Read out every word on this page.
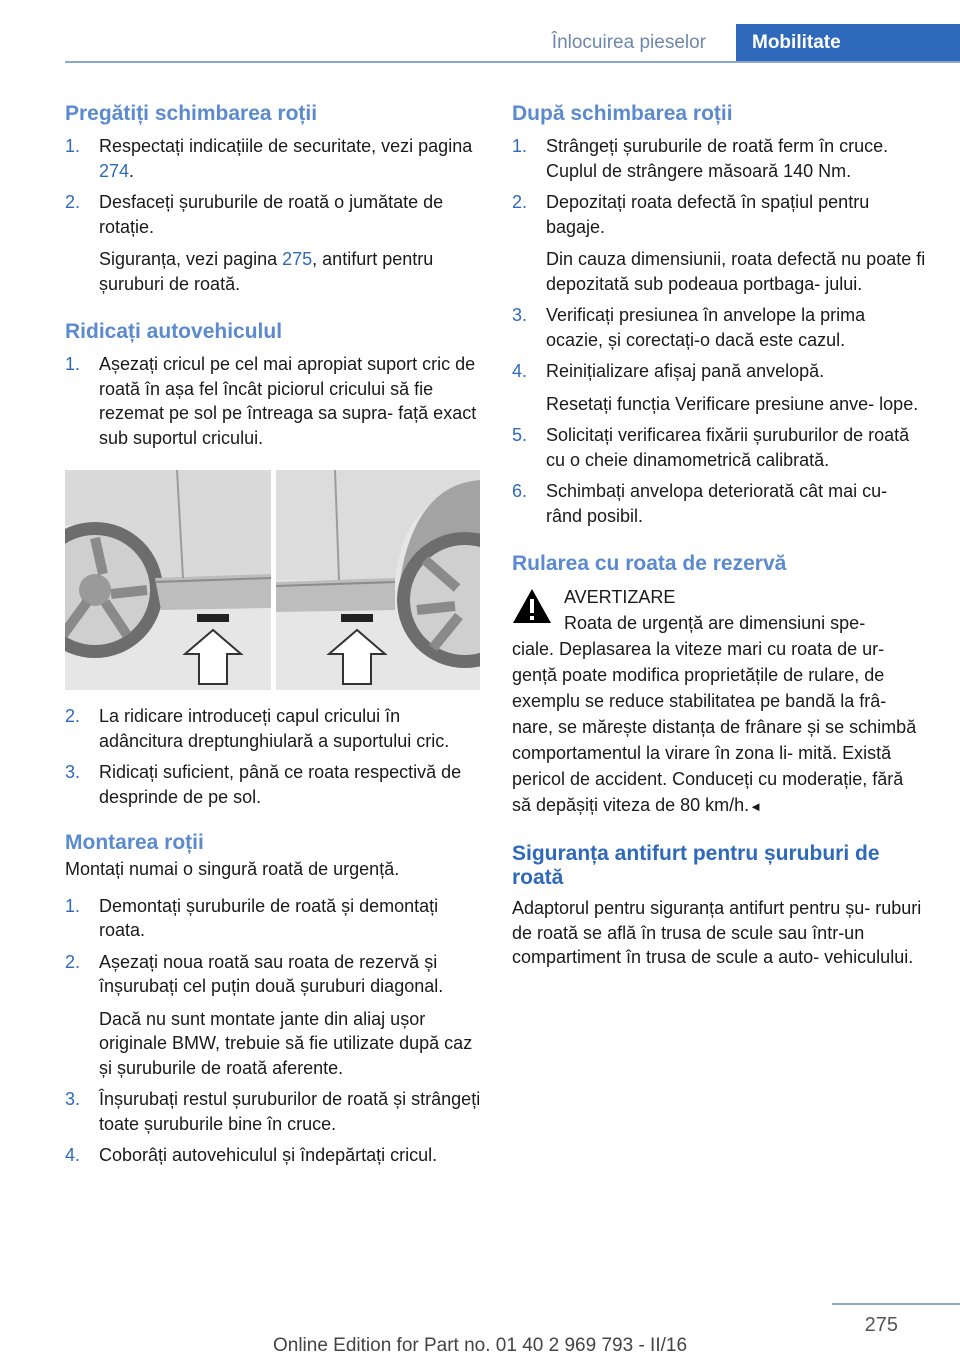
Înlocuirea pieselor	Mobilitate
Pregătiți schimbarea roții
1. Respectați indicațiile de securitate, vezi pagina 274.
2. Desfaceți șuruburile de roată o jumătate de rotație.
Siguranța, vezi pagina 275, antifurt pentru șuruburi de roată.
Ridicați autovehiculul
1. Așezați cricul pe cel mai apropiat suport cric de roată în așa fel încât piciorul cricului să fie rezemat pe sol pe întreaga sa supra‐ față exact sub suportul cricului.
2. La ridicare introduceți capul cricului în adâncitura dreptunghiulară a suportului cric.
3. Ridicați suficient, până ce roata respectivă de desprinde de pe sol.
Montarea roții

Montați numai o singură roată de urgență.

1. Demontați șuruburile de roată și demontați roata.
2. Așezați noua roată sau roata de rezervă și înșurubați cel puțin două șuruburi diagonal.
Dacă nu sunt montate jante din aliaj ușor originale BMW, trebuie să fie utilizate după caz și șuruburile de roată aferente.
3. Înșurubați restul șuruburilor de roată și strângeți toate șuruburile bine în cruce.
4. Coborâți autovehiculul și îndepărtați cricul.
După schimbarea roții
1. Strângeți șuruburile de roată ferm în cruce. Cuplul de strângere măsoară 140 Nm.
2. Depozitați roata defectă în spațiul pentru bagaje.
Din cauza dimensiunii, roata defectă nu poate fi depozitată sub podeaua portbaga‐ jului.
3. Verificați presiunea în anvelope la prima ocazie, și corectați-o dacă este cazul.
4. Reinițializare afișaj pană anvelopă.
Resetați funcția Verificare presiune anve‐ lope.
5. Solicitați verificarea fixării șuruburilor de roată cu o cheie dinamometrică calibrată.
6. Schimbați anvelopa deteriorată cât mai cu‐ rând posibil.
Rularea cu roata de rezervă
AVERTIZARE
Roata de urgență are dimensiuni spe‐
ciale. Deplasarea la viteze mari cu roata de ur‐ gență poate modifica proprietățile de rulare, de exemplu se reduce stabilitatea pe bandă la frâ‐ nare, se mărește distanța de frânare și se schimbă comportamentul la virare în zona li‐ mită. Există pericol de accident. Conduceți cu moderație, fără să depășiți viteza de 80 km/h.◄
Siguranța antifurt pentru șuruburi de roată

Adaptorul pentru siguranța antifurt pentru șu‐ ruburi de roată se află în trusa de scule sau într-un compartiment în trusa de scule a auto‐ vehiculului.

275
Online Edition for Part no. 01 40 2 969 793 - II/16
